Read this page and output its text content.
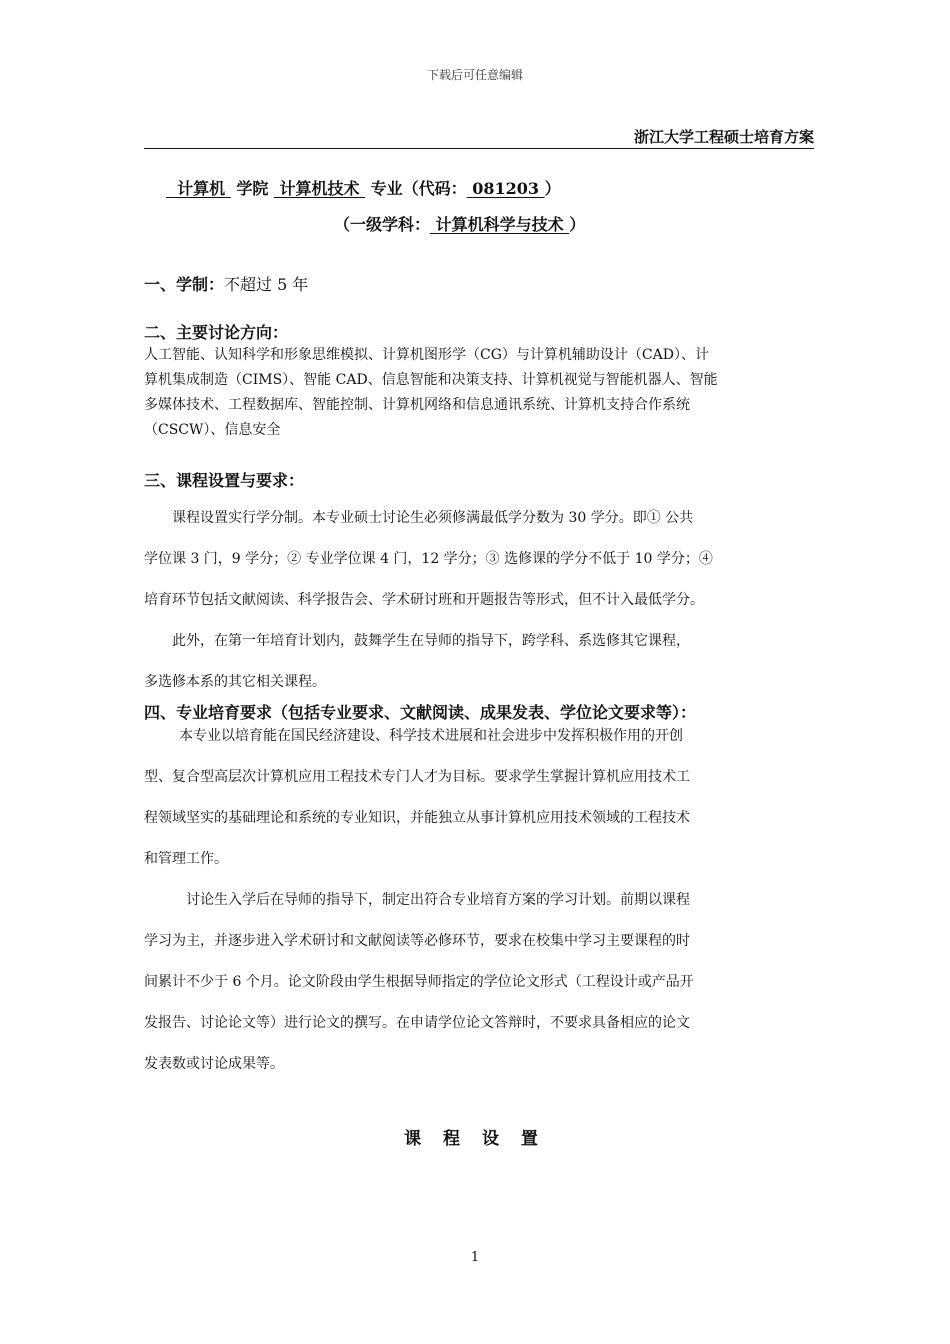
下载后可任意编辑
浙江大学工程硕士培育方案
计算机 学院 计算机技术 专业（代码： 081203 ）
（一级学科： 计算机科学与技术 ）
一、学制：不超过 5 年
二、主要讨论方向：
人工智能、认知科学和形象思维模拟、计算机图形学（CG）与计算机辅助设计（CAD）、计
算机集成制造（CIMS）、智能 CAD、信息智能和决策支持、计算机视觉与智能机器人、智能
多媒体技术、工程数据库、智能控制、计算机网络和信息通讯系统、计算机支持合作系统
（CSCW）、信息安全
三、课程设置与要求：
课程设置实行学分制。本专业硕士讨论生必须修满最低学分数为 30 学分。即① 公共
学位课 3 门，9 学分；② 专业学位课 4 门，12 学分；③ 选修课的学分不低于 10 学分；④
培育环节包括文献阅读、科学报告会、学术研讨班和开题报告等形式，但不计入最低学分。
此外，在第一年培育计划内，鼓舞学生在导师的指导下，跨学科、系选修其它课程，
多选修本系的其它相关课程。
四、专业培育要求（包括专业要求、文献阅读、成果发表、学位论文要求等）：
本专业以培育能在国民经济建设、科学技术进展和社会进步中发挥积极作用的开创
型、复合型高层次计算机应用工程技术专门人才为目标。要求学生掌握计算机应用技术工
程领域坚实的基础理论和系统的专业知识，并能独立从事计算机应用技术领域的工程技术
和管理工作。
讨论生入学后在导师的指导下，制定出符合专业培育方案的学习计划。前期以课程
学习为主，并逐步进入学术研讨和文献阅读等必修环节，要求在校集中学习主要课程的时
间累计不少于 6 个月。论文阶段由学生根据导师指定的学位论文形式（工程设计或产品开
发报告、讨论论文等）进行论文的撰写。在申请学位论文答辩时，不要求具备相应的论文
发表数或讨论成果等。
课 程 设 置
1
